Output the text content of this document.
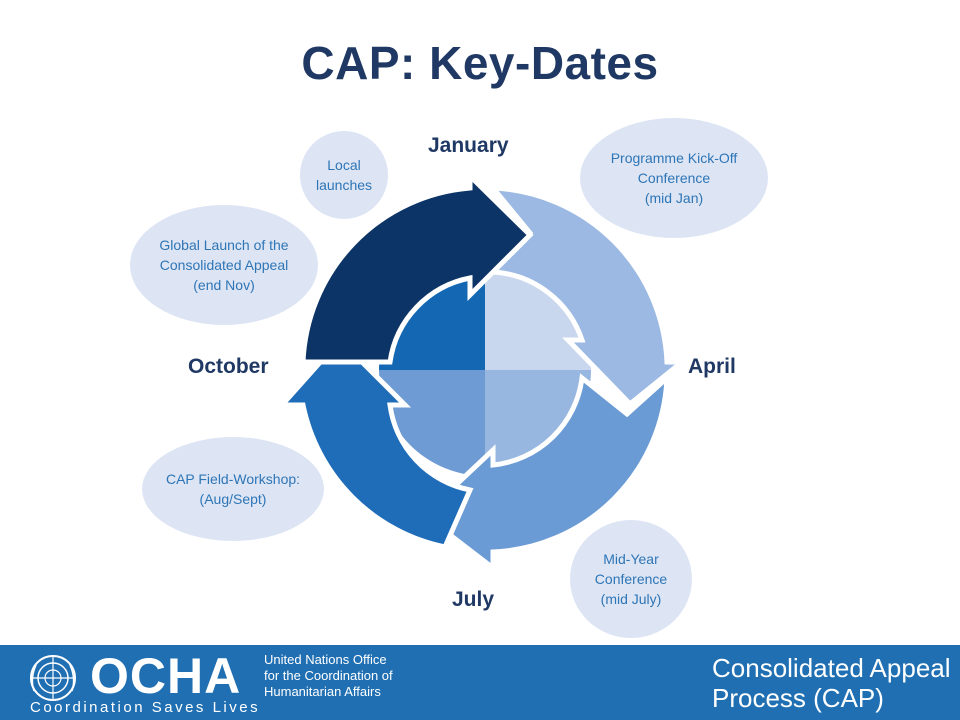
CAP: Key-Dates
January
April
July
October
Local
launches
Programme Kick-Off
Conference
(mid Jan)
Global Launch of the
Consolidated Appeal
(end Nov)
CAP Field-Workshop:
(Aug/Sept)
Mid-Year
Conference
(mid July)
OCHA United Nations Office
for the Coordination of
Humanitarian Affairs
Coordination Saves Lives
Consolidated Appeal
Process (CAP)
